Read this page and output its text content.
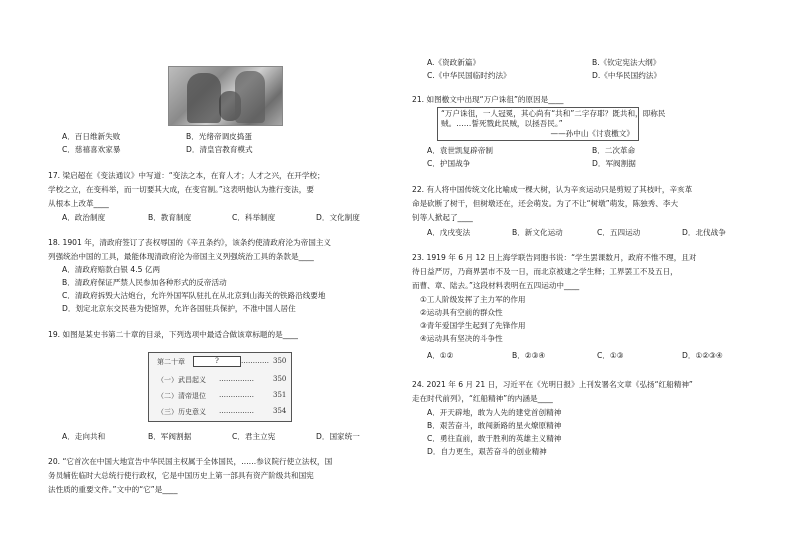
A．百日维新失败	B．光绪帝调皮捣蛋
C．慈禧喜欢家暴	D．清皇宫教育模式
17. 梁启超在《变法通议》中写道：“变法之本，在育人才；人才之兴，在开学校；
学校之立，在变科举，而一切要其大成，在变官制。”这表明他认为推行变法，要
从根本上改革____
A．政治制度	B．教育制度	C．科举制度	D．文化制度
18. 1901 年，清政府签订了丧权辱国的《辛丑条约》，该条约使清政府沦为帝国主义
列强统治中国的工具，最能体现清政府沦为帝国主义列强统治工具的条款是____
A．清政府赔款白银 4.5 亿两
B．清政府保证严禁人民参加各种形式的反帝活动
C．清政府拆毁大沽炮台，允许外国军队驻扎在从北京到山海关的铁路沿线要地
D．划定北京东交民巷为使馆界，允许各国驻兵保护，不准中国人居住
19. 如图是某史书第二十章的目录，下列选项中最适合做该章标题的是____
第二十章	?	………… 350
（一）武昌起义 ……………	350
（二）清帝退位 ……………	351
（三）历史意义 ……………	354
A．走向共和	B．军阀割据	C．君主立宪	D．国家统一
20. “它首次在中国大地宣告中华民国主权属于全体国民，……参议院行使立法权，国
务员辅佐临时大总统行使行政权，它是中国历史上第一部具有资产阶级共和国宪
法性质的重要文件。”文中的“它”是____
A.《资政新篇》	B.《钦定宪法大纲》
C.《中华民国临时约法》	D.《中华民国约法》
21. 如图檄文中出现“万户诛徂”的原因是____
“万户诛徂，一人冠冕，其心尚有“共和”二字存耶？既共和，即称民
贼。……誓死戮此民贼，以拯吾民。”
——孙中山《讨袁檄文》
A．袁世凯复辟帝制	B．二次革命
C．护国战争	D．军阀割据
22. 有人将中国传统文化比喻成一棵大树，认为辛亥运动只是剪短了其枝叶，辛亥革
命是砍断了树干，但树墩还在，还会萌发。为了不让“树墩”萌发，陈独秀、李大
钊等人掀起了____
A．戊戌变法	B．新文化运动	C．五四运动	D．北伐战争
23. 1919 年 6 月 12 日上海学联告同胞书说：“学生罢课数月，政府不惟不理，且对
待日益严厉，乃商界罢市不及一日，而北京被逮之学生释；工界罢工不及五日，
而曹、章、陆去。”这段材料表明在五四运动中____
①工人阶级发挥了主力军的作用
②运动具有空前的群众性
③青年爱国学生起到了先锋作用
④运动具有坚决的斗争性
A．①②	B．②③④	C．①③	D．①②③④
24. 2021 年 6 月 21 日，习近平在《光明日报》上刊发署名文章《弘扬“红船精神”
走在时代前列》，“红船精神”的内涵是____
A．开天辟地，敢为人先的建党首创精神
B．艰苦奋斗，敢闯新路的星火燎原精神
C．勇往直前，敢于胜利的英雄主义精神
D．自力更生，艰苦奋斗的创业精神
